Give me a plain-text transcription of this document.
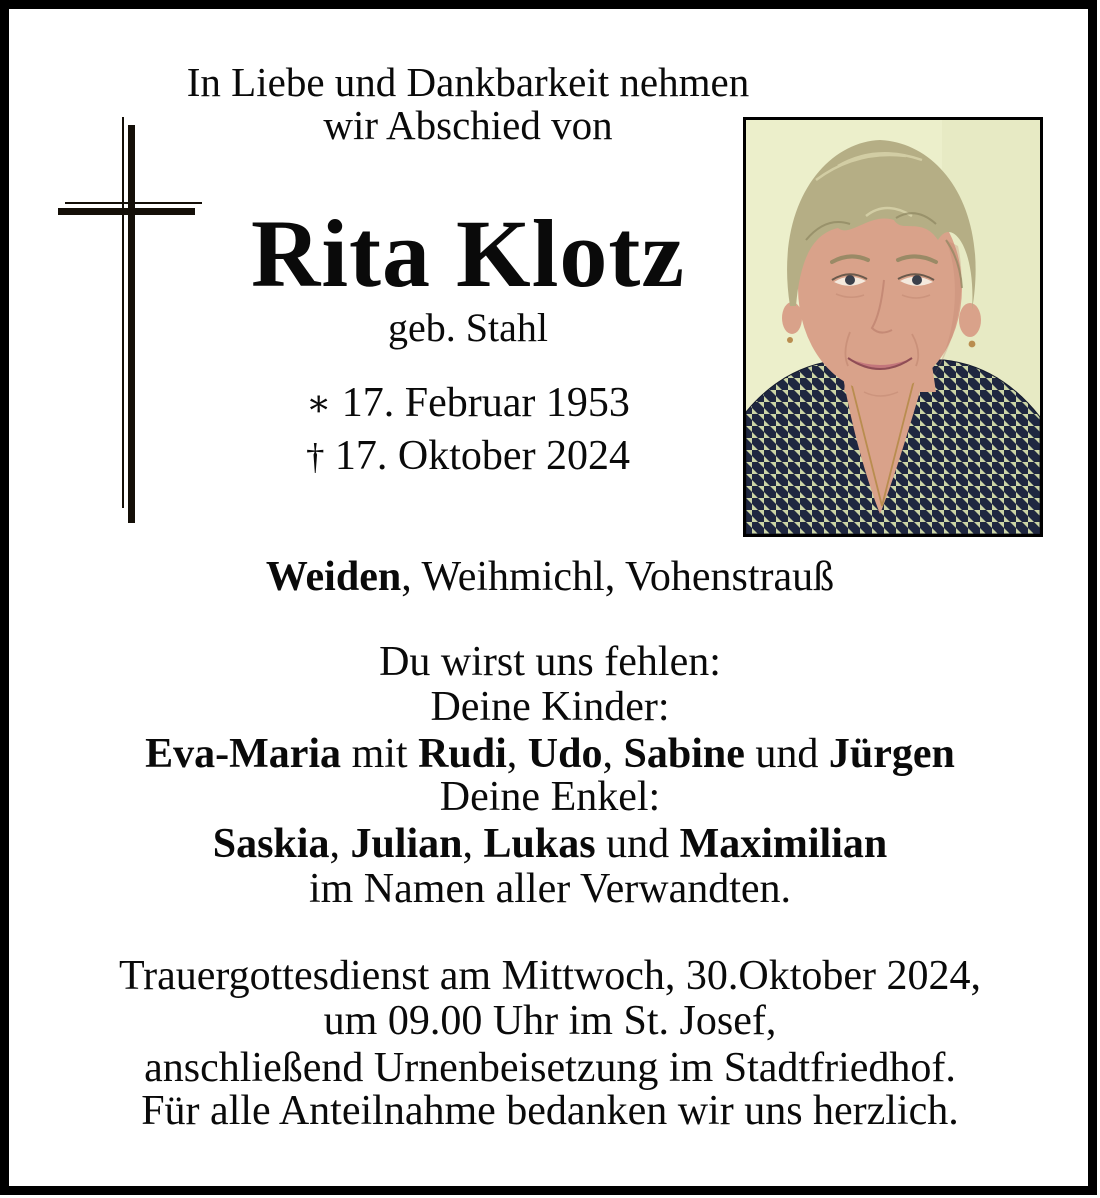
In Liebe und Dankbarkeit nehmen
wir Abschied von
Rita Klotz
geb. Stahl
∗ 17. Februar 1953
† 17. Oktober 2024
Weiden, Weihmichl, Vohenstrauß
Du wirst uns fehlen:
Deine Kinder:
Eva-Maria mit Rudi, Udo, Sabine und Jürgen
Deine Enkel:
Saskia, Julian, Lukas und Maximilian
im Namen aller Verwandten.
Trauergottesdienst am Mittwoch, 30.Oktober 2024,
um 09.00 Uhr im St. Josef,
anschließend Urnenbeisetzung im Stadtfriedhof.
Für alle Anteilnahme bedanken wir uns herzlich.
